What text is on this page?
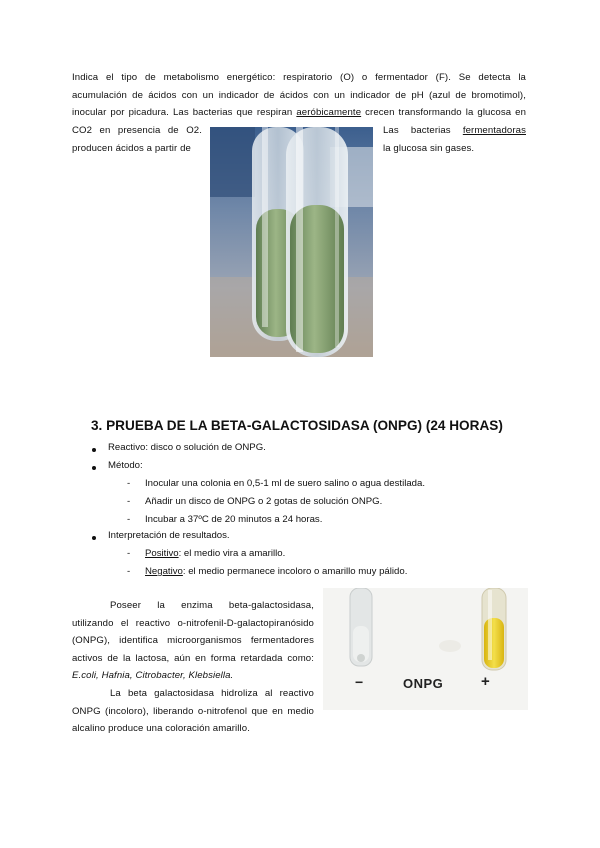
Indica el tipo de metabolismo energético: respiratorio (O) o fermentador (F). Se detecta la
acumulación de ácidos con un indicador de ácidos con un indicador de pH (azul de bromotimol),
inocular por picadura. Las bacterias que respiran aeróbicamente crecen transformando la glucosa en
CO2 en presencia de O2.
producen ácidos a partir de
Las bacterias fermentadoras
la glucosa sin gases.
3. PRUEBA DE LA BETA-GALACTOSIDASA (ONPG) (24 HORAS)
Reactivo: disco o solución de ONPG.
Método:
- Inocular una colonia en 0,5-1 ml de suero salino o agua destilada.
- Añadir un disco de ONPG o 2 gotas de solución ONPG.
- Incubar a 37ºC de 20 minutos a 24 horas.
Interpretación de resultados.
- Positivo: el medio vira a amarillo.
- Negativo: el medio permanece incoloro o amarillo muy pálido.
Poseer la enzima beta-galactosidasa,
utilizando el reactivo o-nitrofenil-D-galactopiranósido
(ONPG), identifica microorganismos fermentadores
activos de la lactosa, aún en forma retardada como:
E.coli, Hafnia, Citrobacter, Klebsiella.
La beta galactosidasa hidroliza al reactivo
ONPG (incoloro), liberando o-nitrofenol que en medio
alcalino produce una coloración amarillo.
−	ONPG	+
